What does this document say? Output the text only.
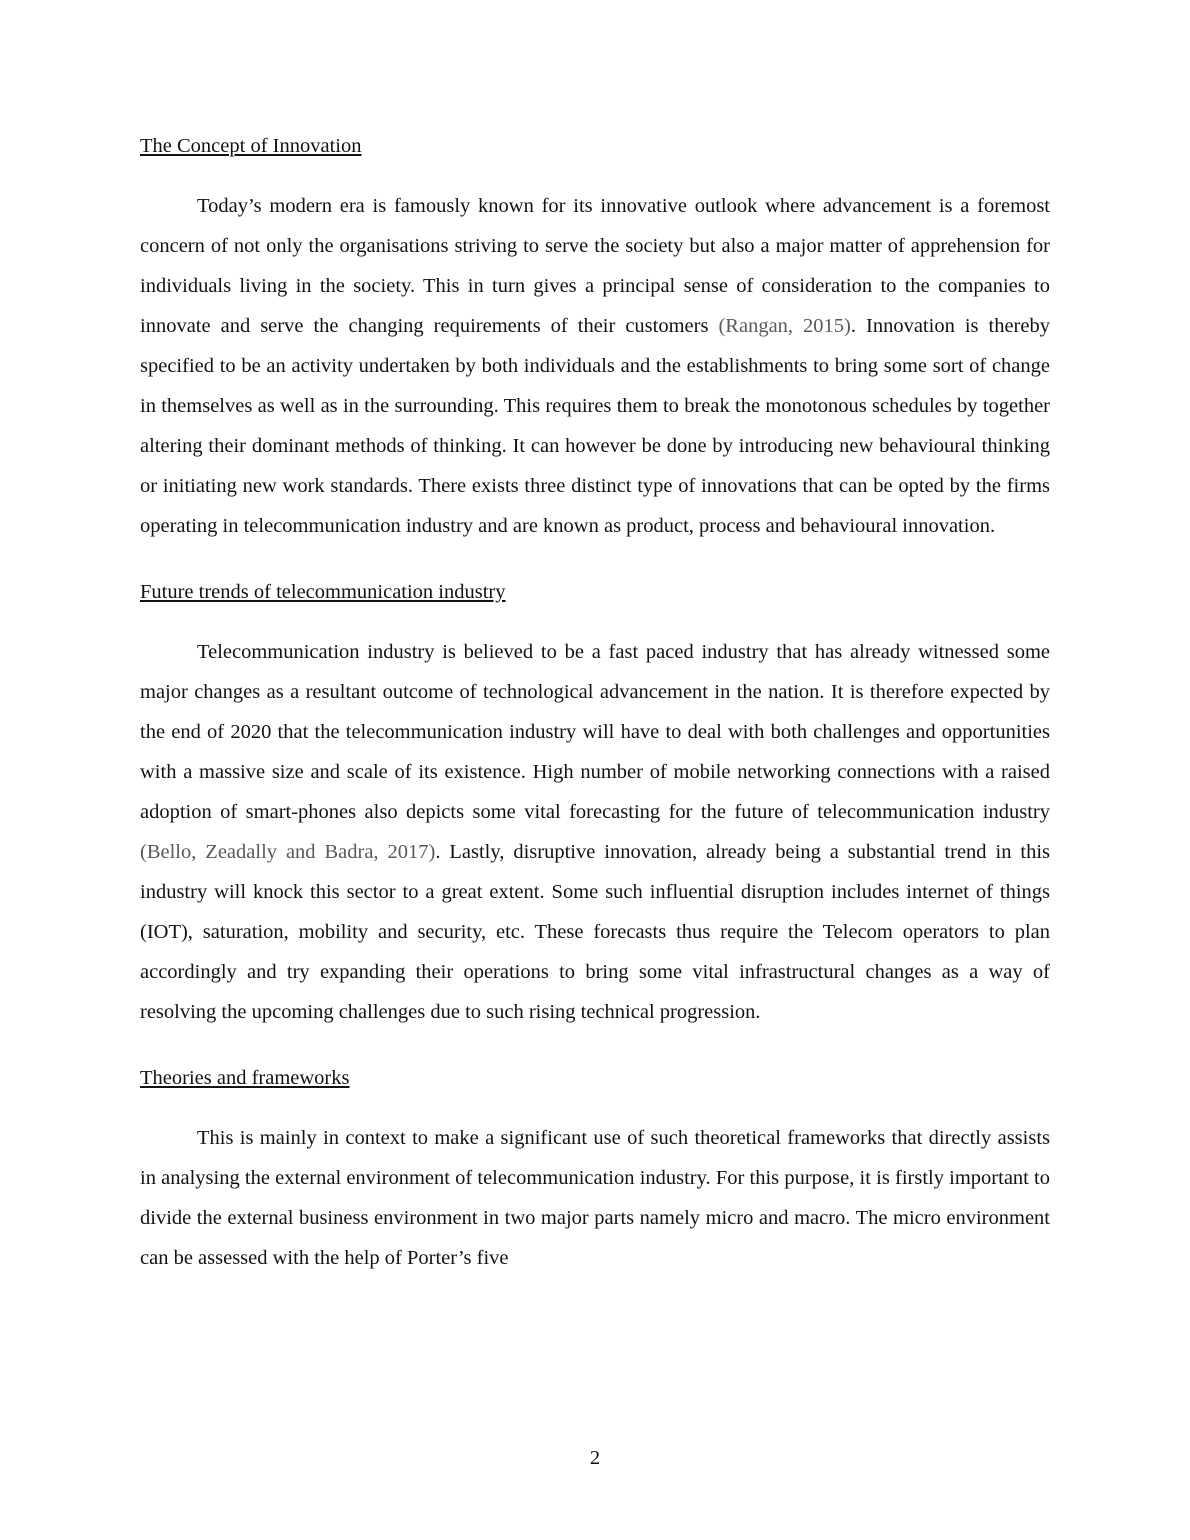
The Concept of Innovation

Today’s modern era is famously known for its innovative outlook where advancement is a foremost concern of not only the organisations striving to serve the society but also a major matter of apprehension for individuals living in the society. This in turn gives a principal sense of consideration to the companies to innovate and serve the changing requirements of their customers (Rangan, 2015). Innovation is thereby specified to be an activity undertaken by both individuals and the establishments to bring some sort of change in themselves as well as in the surrounding. This requires them to break the monotonous schedules by together altering their dominant methods of thinking. It can however be done by introducing new behavioural thinking or initiating new work standards. There exists three distinct type of innovations that can be opted by the firms operating in telecommunication industry and are known as product, process and behavioural innovation.

Future trends of telecommunication industry

Telecommunication industry is believed to be a fast paced industry that has already witnessed some major changes as a resultant outcome of technological advancement in the nation. It is therefore expected by the end of 2020 that the telecommunication industry will have to deal with both challenges and opportunities with a massive size and scale of its existence. High number of mobile networking connections with a raised adoption of smart-phones also depicts some vital forecasting for the future of telecommunication industry (Bello, Zeadally and Badra, 2017). Lastly, disruptive innovation, already being a substantial trend in this industry will knock this sector to a great extent. Some such influential disruption includes internet of things (IOT), saturation, mobility and security, etc. These forecasts thus require the Telecom operators to plan accordingly and try expanding their operations to bring some vital infrastructural changes as a way of resolving the upcoming challenges due to such rising technical progression.

Theories and frameworks

This is mainly in context to make a significant use of such theoretical frameworks that directly assists in analysing the external environment of telecommunication industry. For this purpose, it is firstly important to divide the external business environment in two major parts namely micro and macro. The micro environment can be assessed with the help of Porter’s five

2
